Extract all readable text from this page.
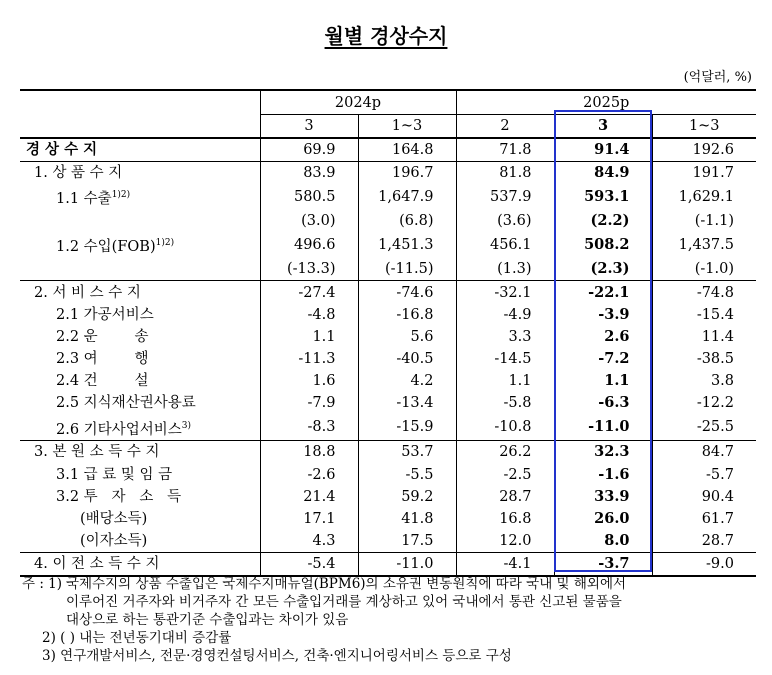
월별 경상수지
(억달러, %)
	2024p		2025p		
	3	1~3	2	3	1~3
경 상 수 지	69.9	164.8	71.8	91.4	192.6
1. 상 품 수 지	83.9	196.7	81.8	84.9	191.7
1.1 수출$^{1)2)}$	580.5	1,647.9	537.9	593.1	1,629.1
	(3.0)	(6.8)	(3.6)	(2.2)	(-1.1)
1.2 수입(FOB)$^{1)2)}$	496.6	1,451.3	456.1	508.2	1,437.5
	(-13.3)	(-11.5)	(1.3)	(2.3)	(-1.0)
2. 서 비 스 수 지	-27.4	-74.6	-32.1	-22.1	-74.8
2.1 가공서비스	-4.8	-16.8	-4.9	-3.9	-15.4
2.2 운        송	1.1	5.6	3.3	2.6	11.4
2.3 여        행	-11.3	-40.5	-14.5	-7.2	-38.5
2.4 건        설	1.6	4.2	1.1	1.1	3.8
2.5 지식재산권사용료	-7.9	-13.4	-5.8	-6.3	-12.2
2.6 기타사업서비스$^{3)}$	-8.3	-15.9	-10.8	-11.0	-25.5
3. 본 원 소 득 수 지	18.8	53.7	26.2	32.3	84.7
3.1 급 료 및 임 금	-2.6	-5.5	-2.5	-1.6	-5.7
3.2 투   자   소   득	21.4	59.2	28.7	33.9	90.4
(배당소득)	17.1	41.8	16.8	26.0	61.7
(이자소득)	4.3	17.5	12.0	8.0	28.7
4. 이 전 소 득 수 지	-5.4	-11.0	-4.1	-3.7	-9.0
주 : 1) 국제수지의 상품 수출입은 국제수지매뉴얼(BPM6)의 소유권 변동원칙에 따라 국내 및 해외에서
이루어진 거주자와 비거주자 간 모든 수출입거래를 계상하고 있어 국내에서 통관 신고된 물품을
대상으로 하는 통관기준 수출입과는 차이가 있음
2) ( ) 내는 전년동기대비 증감률
3) 연구개발서비스, 전문·경영컨설팅서비스, 건축·엔지니어링서비스 등으로 구성
